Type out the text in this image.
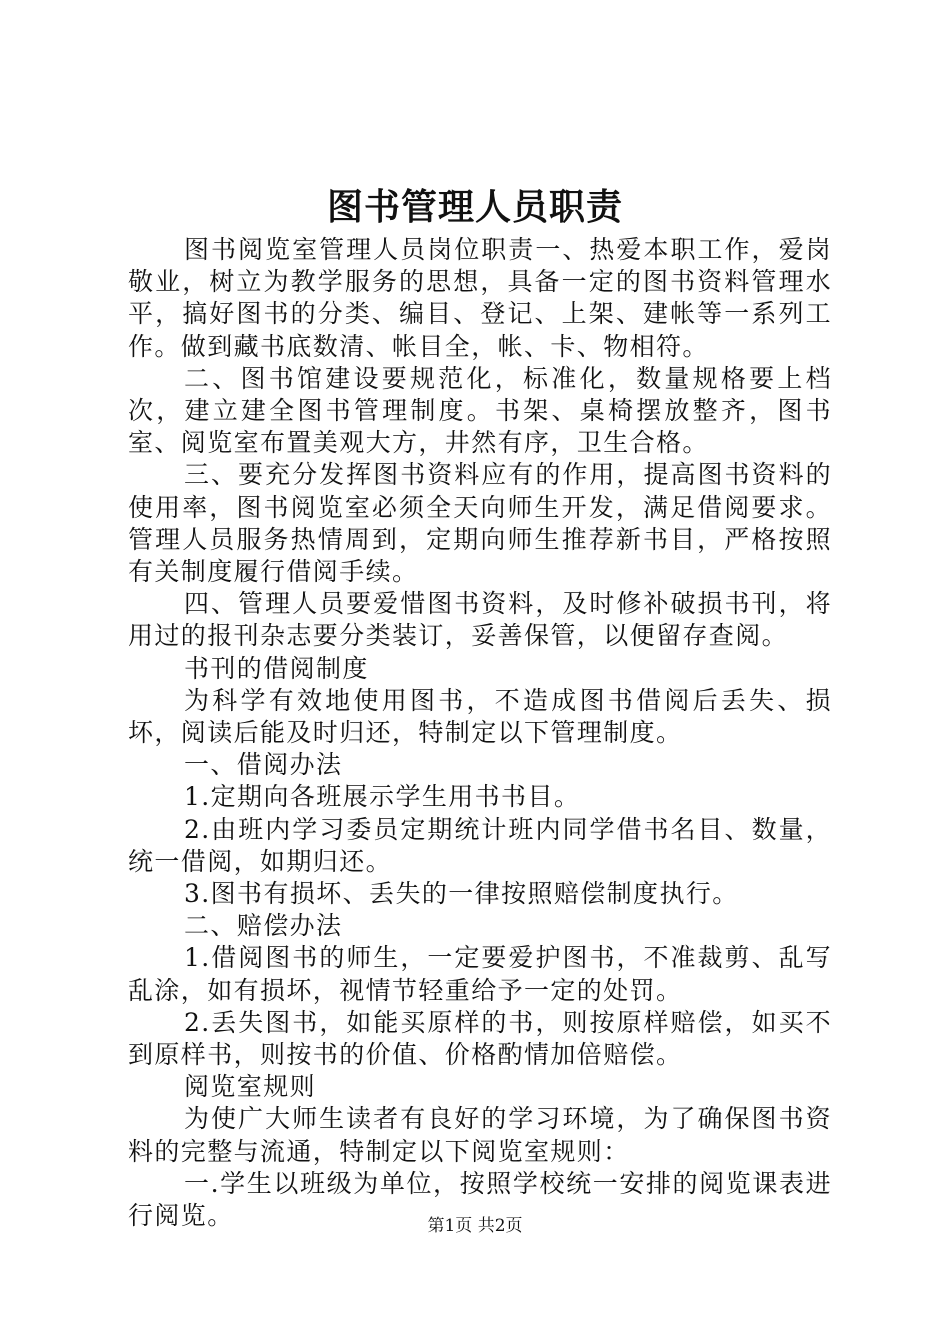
图书管理人员职责

图书阅览室管理人员岗位职责一、热爱本职工作，爱岗敬业，树立为教学服务的思想，具备一定的图书资料管理水平，搞好图书的分类、编目、登记、上架、建帐等一系列工作。做到藏书底数清、帐目全，帐、卡、物相符。

二、图书馆建设要规范化，标准化，数量规格要上档次，建立建全图书管理制度。书架、桌椅摆放整齐，图书室、阅览室布置美观大方，井然有序，卫生合格。

三、要充分发挥图书资料应有的作用，提高图书资料的使用率，图书阅览室必须全天向师生开发，满足借阅要求。管理人员服务热情周到，定期向师生推荐新书目，严格按照有关制度履行借阅手续。

四、管理人员要爱惜图书资料，及时修补破损书刊，将用过的报刊杂志要分类装订，妥善保管，以便留存查阅。

书刊的借阅制度

为科学有效地使用图书，不造成图书借阅后丢失、损坏，阅读后能及时归还，特制定以下管理制度。

一、借阅办法

1.定期向各班展示学生用书书目。

2.由班内学习委员定期统计班内同学借书名目、数量，统一借阅，如期归还。

3.图书有损坏、丢失的一律按照赔偿制度执行。

二、赔偿办法

1.借阅图书的师生，一定要爱护图书，不准裁剪、乱写乱涂，如有损坏，视情节轻重给予一定的处罚。

2.丢失图书，如能买原样的书，则按原样赔偿，如买不到原样书，则按书的价值、价格酌情加倍赔偿。

阅览室规则

为使广大师生读者有良好的学习环境，为了确保图书资料的完整与流通，特制定以下阅览室规则：

一.学生以班级为单位，按照学校统一安排的阅览课表进行阅览。	第1页 共2页
